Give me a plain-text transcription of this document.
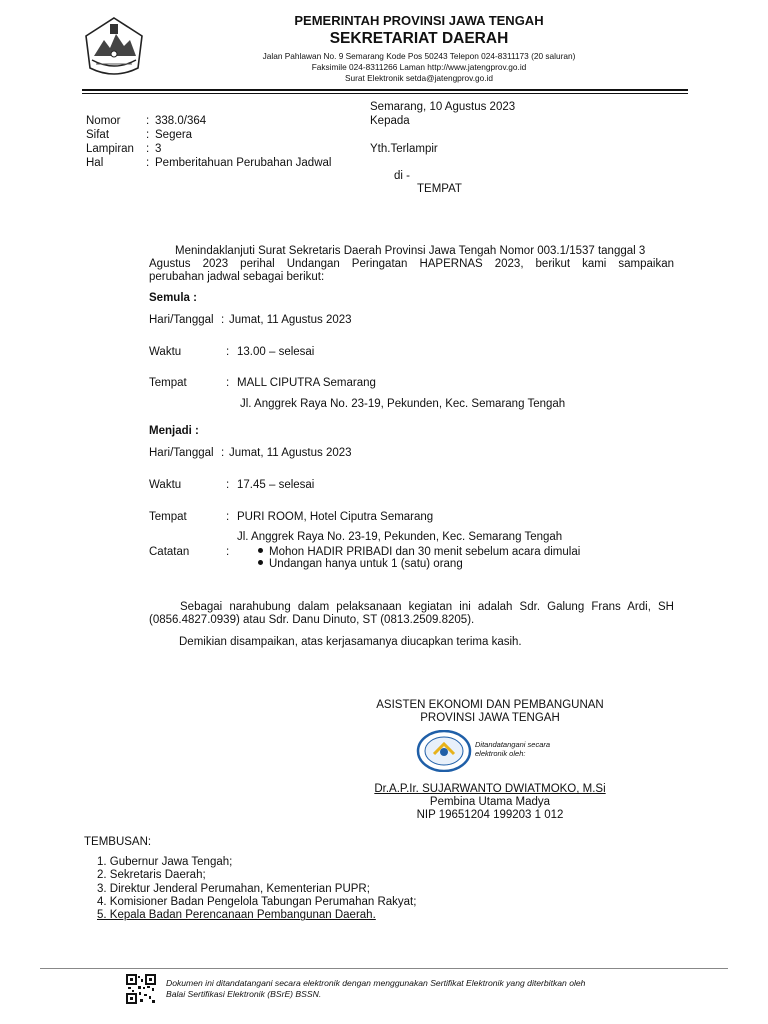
PEMERINTAH PROVINSI JAWA TENGAH
SEKRETARIAT DAERAH
Jalan Pahlawan No. 9 Semarang Kode Pos 50243 Telepon 024-8311173 (20 saluran)
Faksimile 024-8311266 Laman http://www.jatengprov.go.id
Surat Elektronik setda@jatengprov.go.id
Semarang, 10 Agustus 2023
Kepada
Yth.Terlampir
di -
TEMPAT
Nomor : 338.0/364
Sifat	: Segera
Lampiran : 3
Hal	: Pemberitahuan Perubahan Jadwal
Menindaklanjuti Surat Sekretaris Daerah Provinsi Jawa Tengah Nomor 003.1/1537 tanggal 3
Agustus 2023 perihal Undangan Peringatan HAPERNAS 2023, berikut kami sampaikan
perubahan jadwal sebagai berikut:
Semula :
Hari/Tanggal : Jumat, 11 Agustus 2023
Waktu	: 13.00 – selesai
Tempat	: MALL CIPUTRA Semarang
Jl. Anggrek Raya No. 23-19, Pekunden, Kec. Semarang Tengah
Menjadi :
Hari/Tanggal : Jumat, 11 Agustus 2023
Waktu	: 17.45 – selesai
Tempat	: PURI ROOM, Hotel Ciputra Semarang
Jl. Anggrek Raya No. 23-19, Pekunden, Kec. Semarang Tengah
Catatan	:	Mohon HADIR PRIBADI dan 30 menit sebelum acara dimulai
Undangan hanya untuk 1 (satu) orang
Sebagai narahubung dalam pelaksanaan kegiatan ini adalah Sdr. Galung Frans Ardi, SH
(0856.4827.0939) atau Sdr. Danu Dinuto, ST (0813.2509.8205).
Demikian disampaikan, atas kerjasamanya diucapkan terima kasih.
ASISTEN EKONOMI DAN PEMBANGUNAN
PROVINSI JAWA TENGAH
Ditandatangani secara
elektronik oleh:
Dr.A.P.Ir. SUJARWANTO DWIATMOKO, M.Si
Pembina Utama Madya
NIP 19651204 199203 1 012
TEMBUSAN:
1. Gubernur Jawa Tengah;
2. Sekretaris Daerah;
3. Direktur Jenderal Perumahan, Kementerian PUPR;
4. Komisioner Badan Pengelola Tabungan Perumahan Rakyat;
5. Kepala Badan Perencanaan Pembangunan Daerah.
Dokumen ini ditandatangani secara elektronik dengan menggunakan Sertifikat Elektronik yang diterbitkan oleh
Balai Sertifikasi Elektronik (BSrE) BSSN.
